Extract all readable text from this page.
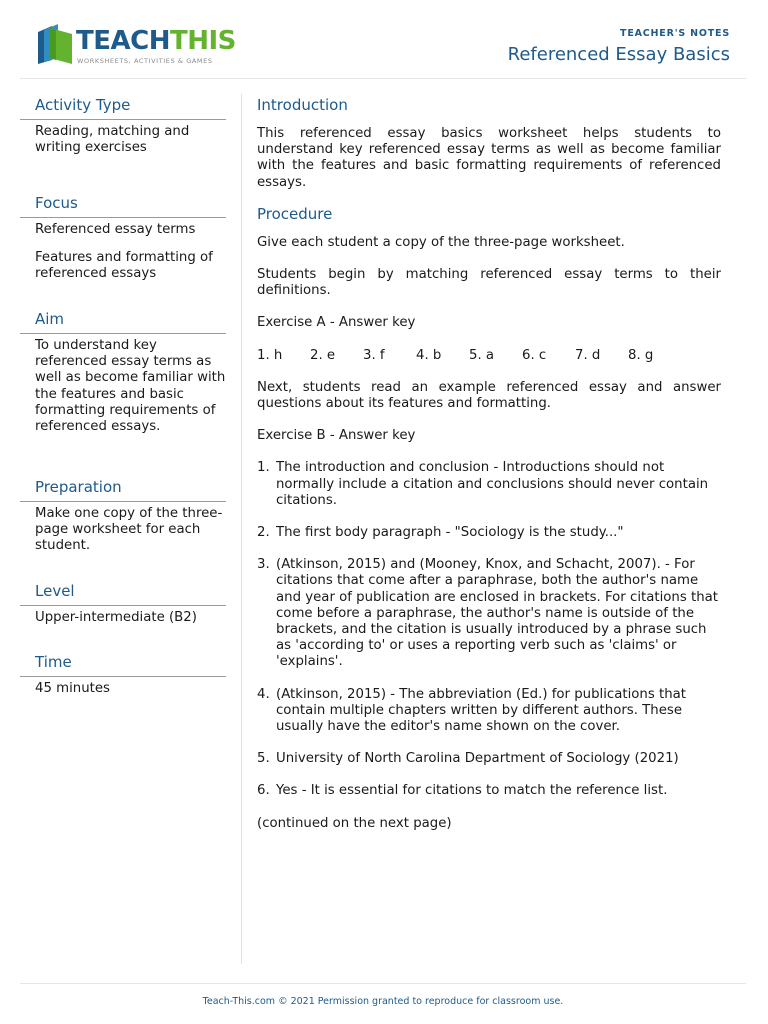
TEACHTHIS
WORKSHEETS, ACTIVITIES & GAMES
TEACHER'S NOTES
Referenced Essay Basics
Activity Type
Reading, matching and writing exercises
Focus

Referenced essay terms

Features and formatting of referenced essays

Aim
To understand key referenced essay terms as well as become familiar with the features and basic formatting requirements of referenced essays.
Preparation
Make one copy of the three-page worksheet for each student.
Level
Upper-intermediate (B2)
Time
45 minutes
Introduction
This referenced essay basics worksheet helps students to understand key referenced essay terms as well as become familiar with the features and basic formatting requirements of referenced essays.
Procedure
Give each student a copy of the three-page worksheet.
Students begin by matching referenced essay terms to their definitions.
Exercise A - Answer key
1. h	2. e	3. f	4. b	5. a	6. c	7. d	8. g
Next, students read an example referenced essay and answer questions about its features and formatting.
Exercise B - Answer key
1. The introduction and conclusion - Introductions should not normally include a citation and conclusions should never contain citations.
2. The first body paragraph - "Sociology is the study..."
3. (Atkinson, 2015) and (Mooney, Knox, and Schacht, 2007). - For citations that come after a paraphrase, both the author's name and year of publication are enclosed in brackets. For citations that come before a paraphrase, the author's name is outside of the brackets, and the citation is usually introduced by a phrase such as 'according to' or uses a reporting verb such as 'claims' or 'explains'.
4. (Atkinson, 2015) - The abbreviation (Ed.) for publications that contain multiple chapters written by different authors. These usually have the editor's name shown on the cover.
5. University of North Carolina Department of Sociology (2021)
6. Yes - It is essential for citations to match the reference list.
(continued on the next page)
Teach-This.com © 2021 Permission granted to reproduce for classroom use.
